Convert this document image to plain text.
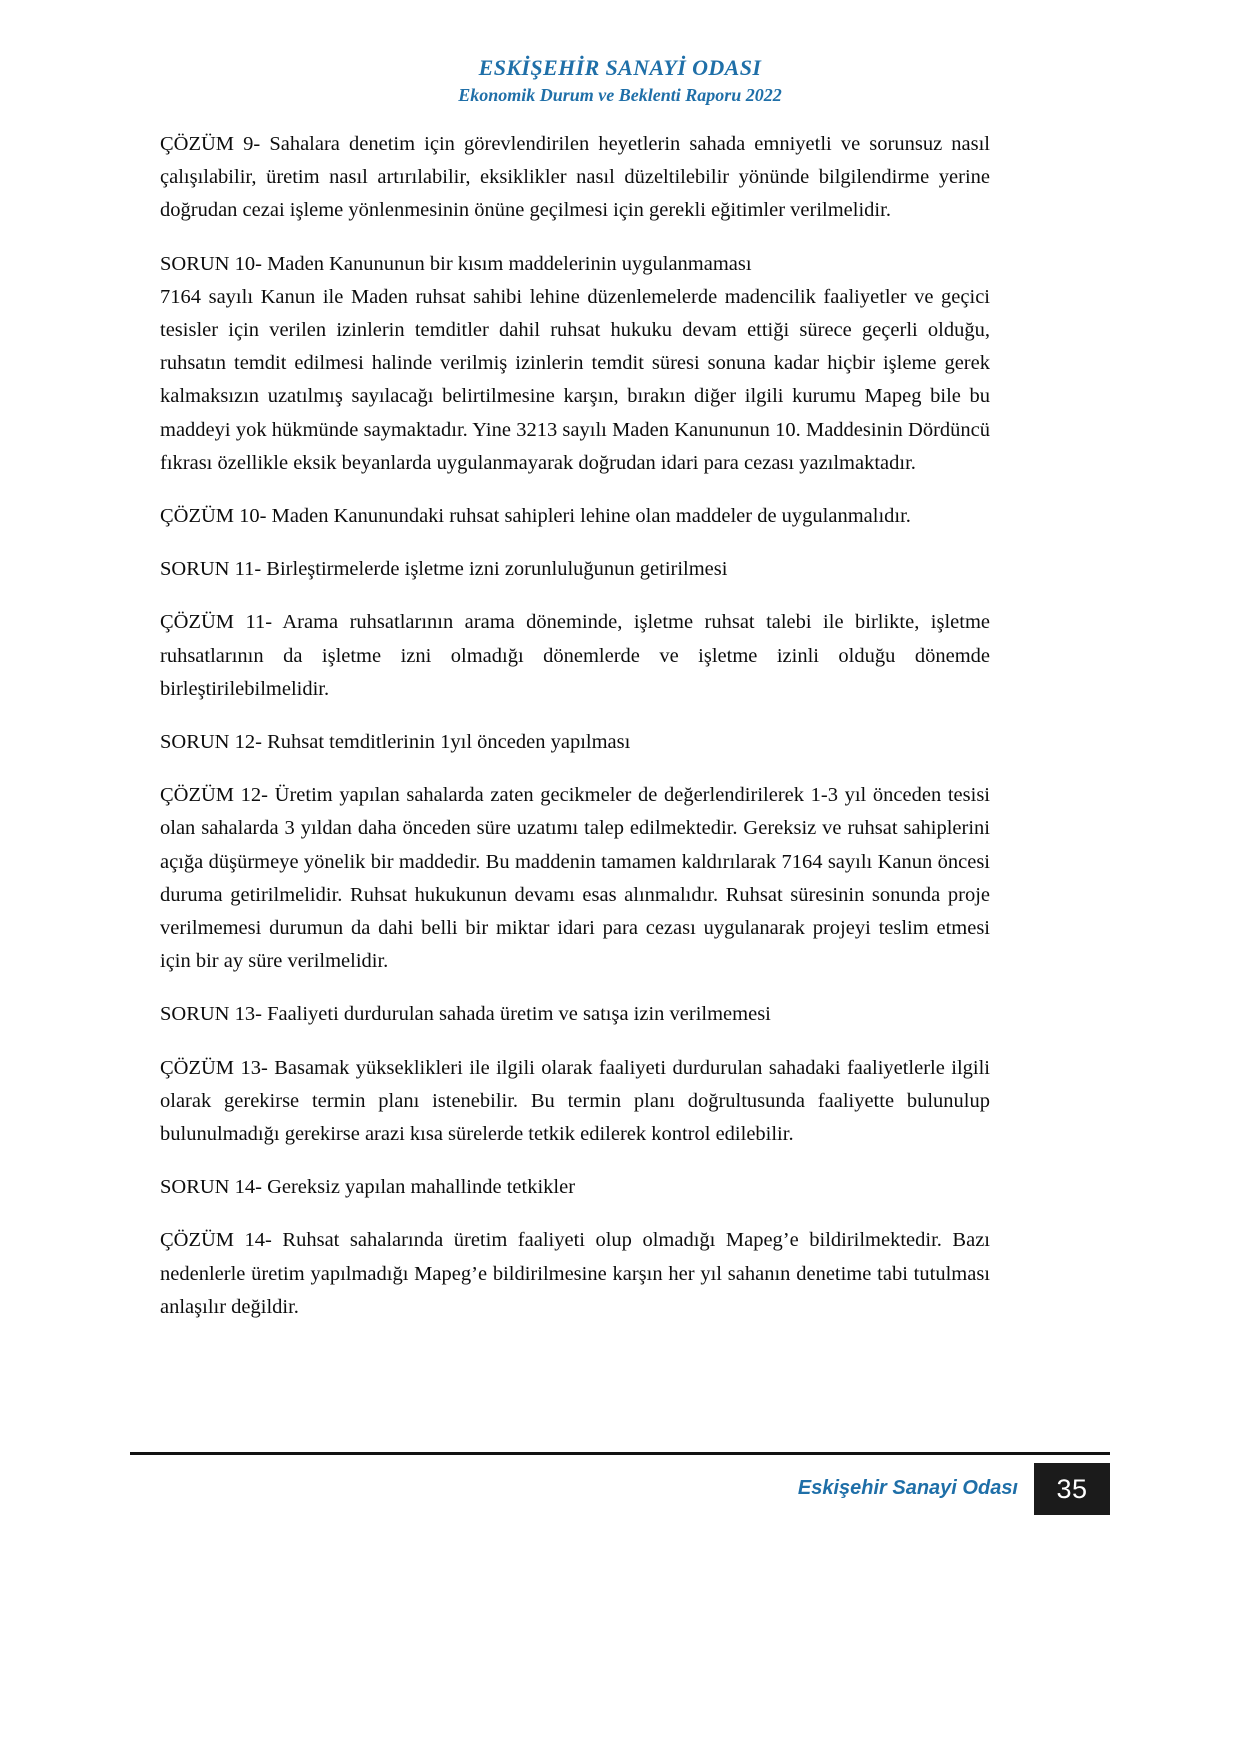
ESKİŞEHİR SANAYİ ODASI
Ekonomik Durum ve Beklenti Raporu 2022

ÇÖZÜM 9- Sahalara denetim için görevlendirilen heyetlerin sahada emniyetli ve sorunsuz nasıl çalışılabilir, üretim nasıl artırılabilir, eksiklikler nasıl düzeltilebilir yönünde bilgilendirme yerine doğrudan cezai işleme yönlenmesinin önüne geçilmesi için gerekli eğitimler verilmelidir.

SORUN 10- Maden Kanununun bir kısım maddelerinin uygulanmaması

7164 sayılı Kanun ile Maden ruhsat sahibi lehine düzenlemelerde madencilik faaliyetler ve geçici tesisler için verilen izinlerin temditler dahil ruhsat hukuku devam ettiği sürece geçerli olduğu, ruhsatın temdit edilmesi halinde verilmiş izinlerin temdit süresi sonuna kadar hiçbir işleme gerek kalmaksızın uzatılmış sayılacağı belirtilmesine karşın, bırakın diğer ilgili kurumu Mapeg bile bu maddeyi yok hükmünde saymaktadır. Yine 3213 sayılı Maden Kanununun 10. Maddesinin Dördüncü fıkrası özellikle eksik beyanlarda uygulanmayarak doğrudan idari para cezası yazılmaktadır.

ÇÖZÜM 10- Maden Kanunundaki ruhsat sahipleri lehine olan maddeler de uygulanmalıdır.

SORUN 11- Birleştirmelerde işletme izni zorunluluğunun getirilmesi

ÇÖZÜM 11- Arama ruhsatlarının arama döneminde, işletme ruhsat talebi ile birlikte, işletme ruhsatlarının da işletme izni olmadığı dönemlerde ve işletme izinli olduğu dönemde birleştirilebilmelidir.

SORUN 12- Ruhsat temditlerinin 1yıl önceden yapılması

ÇÖZÜM 12- Üretim yapılan sahalarda zaten gecikmeler de değerlendirilerek 1-3 yıl önceden tesisi olan sahalarda 3 yıldan daha önceden süre uzatımı talep edilmektedir. Gereksiz ve ruhsat sahiplerini açığa düşürmeye yönelik bir maddedir. Bu maddenin tamamen kaldırılarak 7164 sayılı Kanun öncesi duruma getirilmelidir. Ruhsat hukukunun devamı esas alınmalıdır. Ruhsat süresinin sonunda proje verilmemesi durumun da dahi belli bir miktar idari para cezası uygulanarak projeyi teslim etmesi için bir ay süre verilmelidir.

SORUN 13- Faaliyeti durdurulan sahada üretim ve satışa izin verilmemesi

ÇÖZÜM 13- Basamak yükseklikleri ile ilgili olarak faaliyeti durdurulan sahadaki faaliyetlerle ilgili olarak gerekirse termin planı istenebilir. Bu termin planı doğrultusunda faaliyette bulunulup bulunulmadığı gerekirse arazi kısa sürelerde tetkik edilerek kontrol edilebilir.

SORUN 14- Gereksiz yapılan mahallinde tetkikler

ÇÖZÜM 14- Ruhsat sahalarında üretim faaliyeti olup olmadığı Mapeg’e bildirilmektedir. Bazı nedenlerle üretim yapılmadığı Mapeg’e bildirilmesine karşın her yıl sahanın denetime tabi tutulması anlaşılır değildir.

Eskişehir Sanayi Odası	35
